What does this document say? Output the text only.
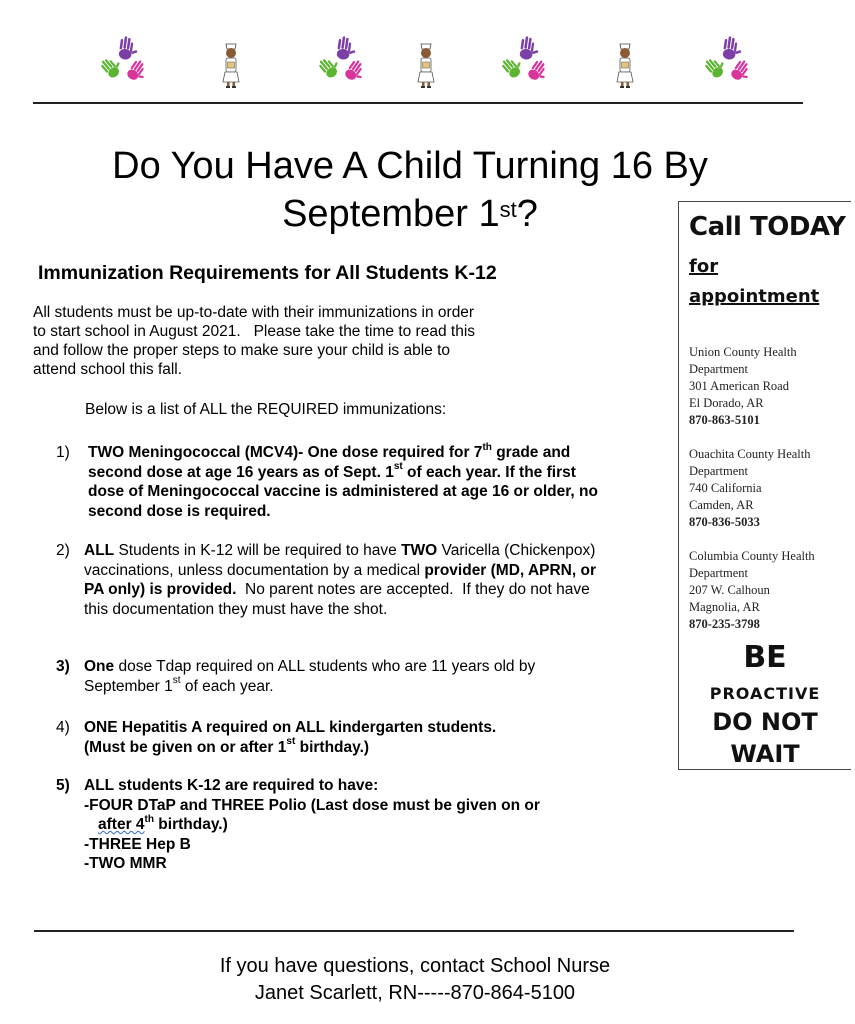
Do You Have A Child Turning 16 By
September 1st?
Immunization Requirements for All Students K-12
All students must be up-to-date with their immunizations in order
to start school in August 2021.   Please take the time to read this
and follow the proper steps to make sure your child is able to
attend school this fall.
Below is a list of ALL the REQUIRED immunizations:
1) TWO Meningococcal (MCV4)- One dose required for 7th grade and second dose at age 16 years as of Sept. 1st of each year. If the first dose of Meningococcal vaccine is administered at age 16 or older, no second dose is required.
2) ALL Students in K-12 will be required to have TWO Varicella (Chickenpox) vaccinations, unless documentation by a medical provider (MD, APRN, or PA only) is provided.  No parent notes are accepted.  If they do not have this documentation they must have the shot.
3) One dose Tdap required on ALL students who are 11 years old by September 1st of each year.
4) ONE Hepatitis A required on ALL kindergarten students.
(Must be given on or after 1st birthday.)
5) ALL students K-12 are required to have:
-FOUR DTaP and THREE Polio (Last dose must be given on or
after 4th birthday.)
-THREE Hep B
-TWO MMR
Call TODAY
for
appointment
Union County Health
Department
301 American Road
El Dorado, AR
870-863-5101
Ouachita County Health
Department
740 California
Camden, AR
870-836-5033
Columbia County Health
Department
207 W. Calhoun
Magnolia, AR
870-235-3798
BE
PROACTIVE
DO NOT
WAIT
If you have questions, contact School Nurse
Janet Scarlett, RN-----870-864-5100
